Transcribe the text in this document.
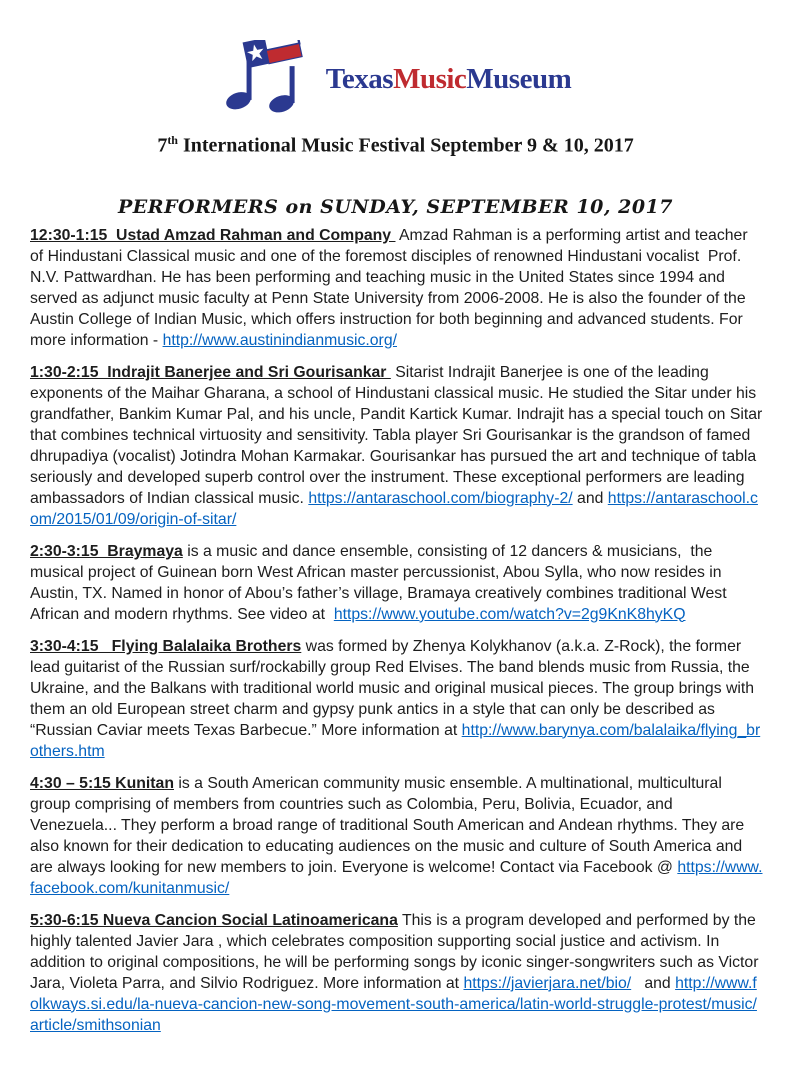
TexasMusicMuseum
7th International Music Festival September 9 & 10, 2017
PERFORMERS on SUNDAY, SEPTEMBER 10, 2017

12:30-1:15  Ustad Amzad Rahman and Company  Amzad Rahman is a performing artist and teacher of Hindustani Classical music and one of the foremost disciples of renowned Hindustani vocalist  Prof. N.V. Pattwardhan. He has been performing and teaching music in the United States since 1994 and served as adjunct music faculty at Penn State University from 2006-2008. He is also the founder of the Austin College of Indian Music, which offers instruction for both beginning and advanced students. For more information - http://www.austinindianmusic.org/

1:30-2:15  Indrajit Banerjee and Sri Gourisankar  Sitarist Indrajit Banerjee is one of the leading exponents of the Maihar Gharana, a school of Hindustani classical music. He studied the Sitar under his grandfather, Bankim Kumar Pal, and his uncle, Pandit Kartick Kumar. Indrajit has a special touch on Sitar that combines technical virtuosity and sensitivity. Tabla player Sri Gourisankar is the grandson of famed dhrupadiya (vocalist) Jotindra Mohan Karmakar. Gourisankar has pursued the art and technique of tabla seriously and developed superb control over the instrument. These exceptional performers are leading ambassadors of Indian classical music. https://antaraschool.com/biography-2/ and https://antaraschool.com/2015/01/09/origin-of-sitar/

2:30-3:15  Braymaya is a music and dance ensemble, consisting of 12 dancers & musicians,  the musical project of Guinean born West African master percussionist, Abou Sylla, who now resides in Austin, TX. Named in honor of Abou’s father’s village, Bramaya creatively combines traditional West African and modern rhythms. See video at  https://www.youtube.com/watch?v=2g9KnK8hyKQ

3:30-4:15   Flying Balalaika Brothers was formed by Zhenya Kolykhanov (a.k.a. Z-Rock), the former lead guitarist of the Russian surf/rockabilly group Red Elvises. The band blends music from Russia, the Ukraine, and the Balkans with traditional world music and original musical pieces. The group brings with them an old European street charm and gypsy punk antics in a style that can only be described as “Russian Caviar meets Texas Barbecue.” More information at http://www.barynya.com/balalaika/flying_brothers.htm

4:30 – 5:15 Kunitan is a South American community music ensemble. A multinational, multicultural group comprising of members from countries such as Colombia, Peru, Bolivia, Ecuador, and Venezuela... They perform a broad range of traditional South American and Andean rhythms. They are also known for their dedication to educating audiences on the music and culture of South America and are always looking for new members to join. Everyone is welcome! Contact via Facebook @ https://www.facebook.com/kunitanmusic/

5:30-6:15 Nueva Cancion Social Latinoamericana This is a program developed and performed by the highly talented Javier Jara , which celebrates composition supporting social justice and activism. In addition to original compositions, he will be performing songs by iconic singer-songwriters such as Victor Jara, Violeta Parra, and Silvio Rodriguez. More information at https://javierjara.net/bio/   and http://www.folkways.si.edu/la-nueva-cancion-new-song-movement-south-america/latin-world-struggle-protest/music/article/smithsonian
